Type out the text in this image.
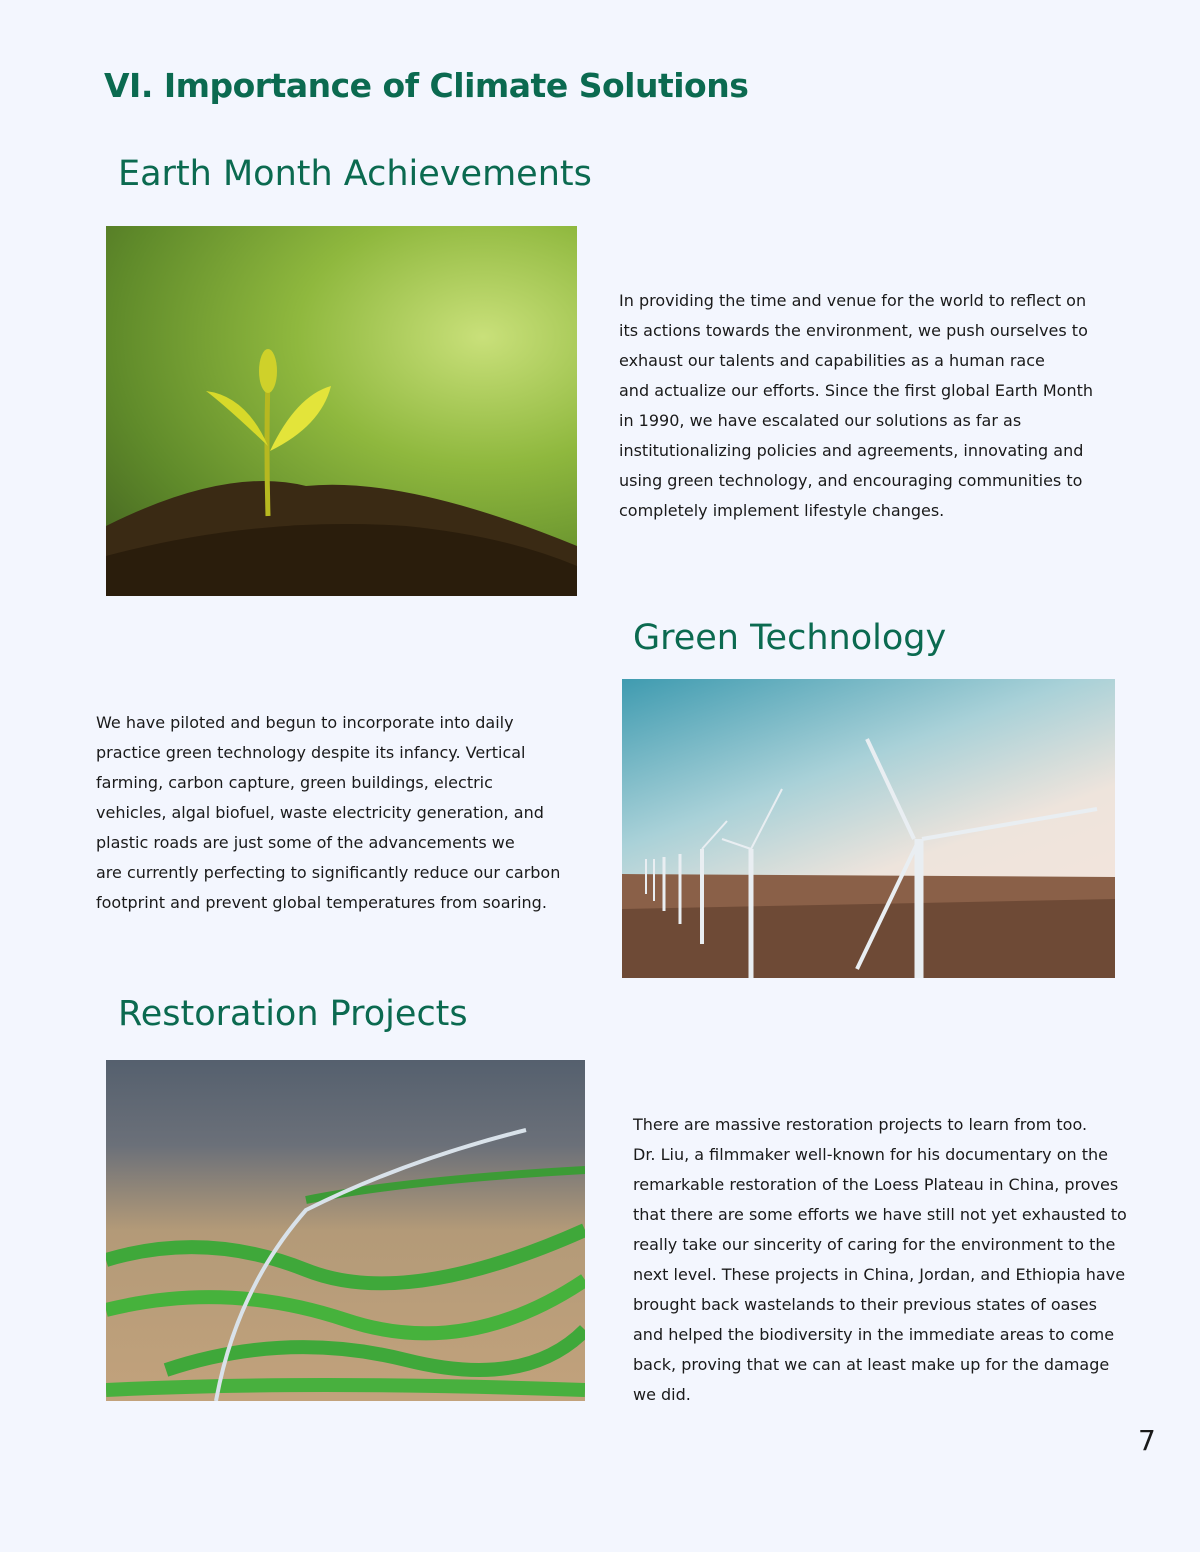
VI. Importance of Climate Solutions
Earth Month Achievements
In providing the time and venue for the world to reflect on
its actions towards the environment, we push ourselves to
exhaust our talents and capabilities as a human race
and actualize our efforts. Since the first global Earth Month
in 1990, we have escalated our solutions as far as
institutionalizing policies and agreements, innovating and
using green technology, and encouraging communities to
completely implement lifestyle changes.
Green Technology
We have piloted and begun to incorporate into daily
practice green technology despite its infancy. Vertical
farming, carbon capture, green buildings, electric
vehicles, algal biofuel, waste electricity generation, and
plastic roads are just some of the advancements we
are currently perfecting to significantly reduce our carbon
footprint and prevent global temperatures from soaring.
Restoration Projects
There are massive restoration projects to learn from too.
Dr. Liu, a filmmaker well-known for his documentary on the
remarkable restoration of the Loess Plateau in China, proves
that there are some efforts we have still not yet exhausted to
really take our sincerity of caring for the environment to the
next level. These projects in China, Jordan, and Ethiopia have
brought back wastelands to their previous states of oases
and helped the biodiversity in the immediate areas to come
back, proving that we can at least make up for the damage
we did.
7
